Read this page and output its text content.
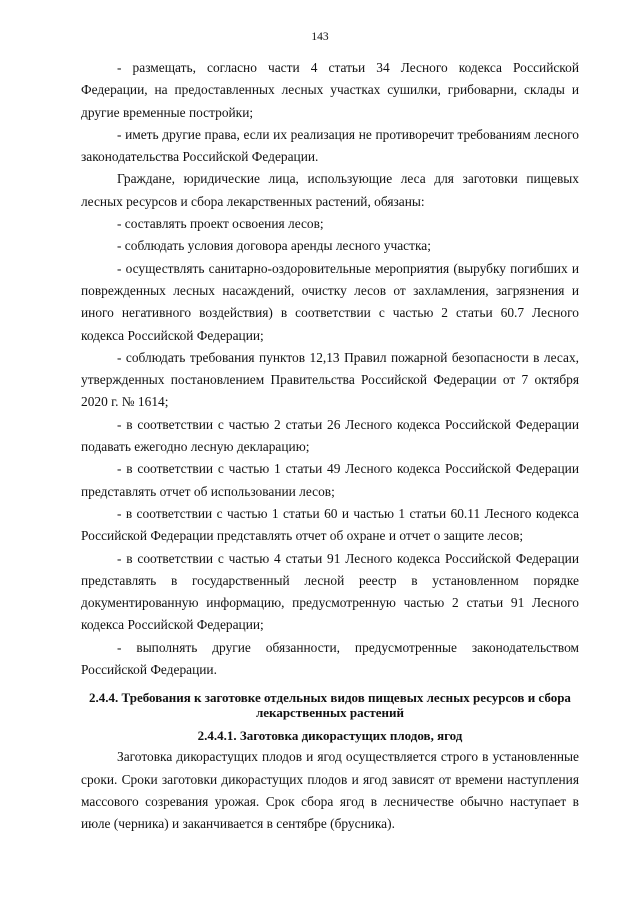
143

- размещать, согласно части 4 статьи 34 Лесного кодекса Российской Федерации, на предоставленных лесных участках сушилки, грибоварни, склады и другие временные постройки;

- иметь другие права, если их реализация не противоречит требованиям лесного законодательства Российской Федерации.

Граждане, юридические лица, использующие леса для заготовки пищевых лесных ресурсов и сбора лекарственных растений, обязаны:

- составлять проект освоения лесов;

- соблюдать условия договора аренды лесного участка;

- осуществлять санитарно-оздоровительные мероприятия (вырубку погибших и поврежденных лесных насаждений, очистку лесов от захламления, загрязнения и иного негативного воздействия) в соответствии с частью 2 статьи 60.7 Лесного кодекса Российской Федерации;

- соблюдать требования пунктов 12,13 Правил пожарной безопасности в лесах, утвержденных постановлением Правительства Российской Федерации от 7 октября 2020 г. № 1614;

- в соответствии с частью 2 статьи 26 Лесного кодекса Российской Федерации подавать ежегодно лесную декларацию;

- в соответствии с частью 1 статьи 49 Лесного кодекса Российской Федерации представлять отчет об использовании лесов;

- в соответствии с частью 1 статьи 60 и частью 1 статьи 60.11 Лесного кодекса Российской Федерации представлять отчет об охране и отчет о защите лесов;

- в соответствии с частью 4 статьи 91 Лесного кодекса Российской Федерации представлять в государственный лесной реестр в установленном порядке документированную информацию, предусмотренную частью 2 статьи 91 Лесного кодекса Российской Федерации;

- выполнять другие обязанности, предусмотренные законодательством Российской Федерации.

2.4.4. Требования к заготовке отдельных видов пищевых лесных ресурсов и сбора лекарственных растений
2.4.4.1. Заготовка дикорастущих плодов, ягод

Заготовка дикорастущих плодов и ягод осуществляется строго в установленные сроки. Сроки заготовки дикорастущих плодов и ягод зависят от времени наступления массового созревания урожая. Срок сбора ягод в лесничестве обычно наступает в июле (черника) и заканчивается в сентябре (брусника).
